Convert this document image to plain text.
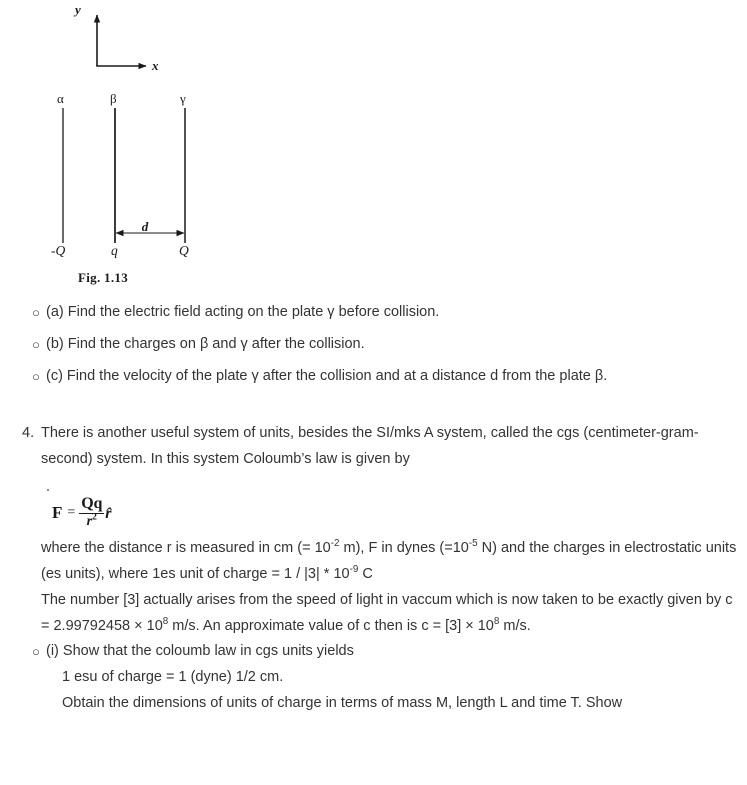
y
x
α	β	γ
-Q	q	Q
d
Fig. 1.13
$F = \frac{Qq}{r^2}$ r̂
○ (a) Find the electric field acting on the plate γ before collision.
○ (b) Find the charges on β and γ after the collision.
○ (c) Find the velocity of the plate γ after the collision and at a distance d from the plate β.
4. There is another useful system of units, besides the SI/mks A system, called the cgs (centimeter-gram-second) system. In this system Coloumb’s law is given by

where the distance r is measured in cm (= $10^{-2}$ m), F in dynes ($=10^{-5}$ N) and the charges in electrostatic units (es units), where 1es unit of charge = $1 / |3| * 10^{-9}$ C

The number [3] actually arises from the speed of light in vaccum which is now taken to be exactly given by $c = 2.99792458 \times 10^8$ m/s. An approximate value of c then is $c = [3] \times 10^8$ m/s.

○ (i) Show that the coloumb law in cgs units yields
1 esu of charge = 1 (dyne) 1/2 cm.
Obtain the dimensions of units of charge in terms of mass M, length L and time T. Show
